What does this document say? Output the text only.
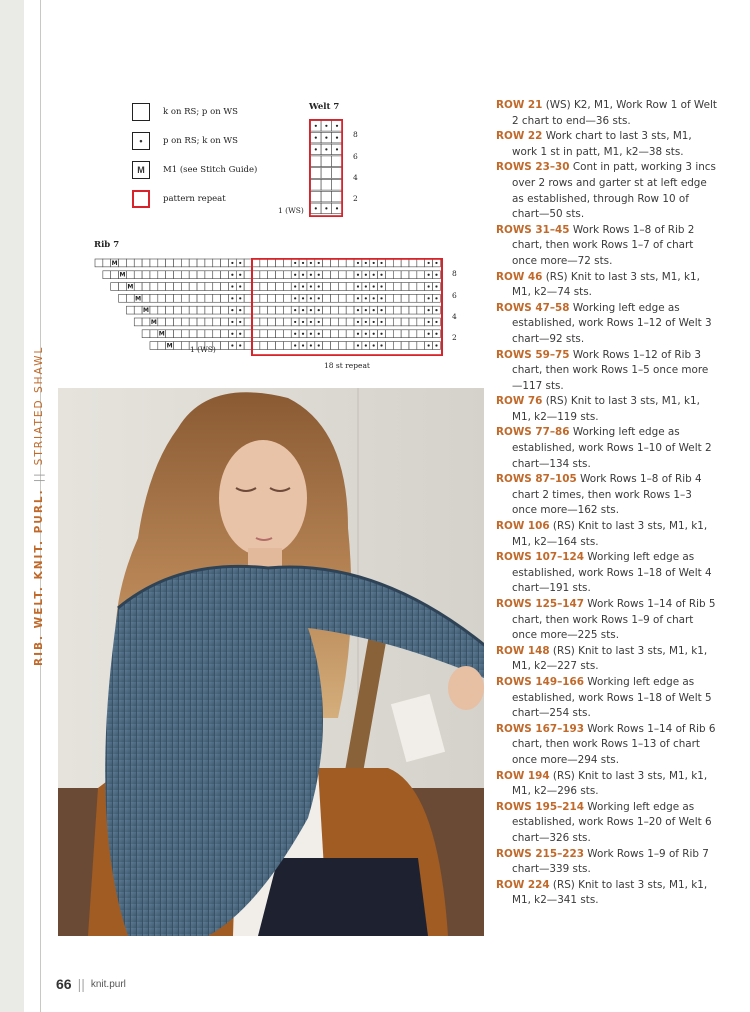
RIB. WELT. KNIT. PURL.||STRIATED SHAWL
k on RS; p on WS
•	p on RS; k on WS
M	M1 (see Stitch Guide)
pattern repeat
Welt 7
8
6
4
2
1 (WS)
Rib 7
M
M
M
M
M
M
M
M
8
6
4
2
1 (WS)
18 st repeat

ROW 21 (WS) K2, M1, Work Row 1 of Welt 2 chart to end—36 sts.

ROW 22 Work chart to last 3 sts, M1, work 1 st in patt, M1, k2—38 sts.

ROWS 23–30 Cont in patt, working 3 incs over 2 rows and garter st at left edge as established, through Row 10 of chart—50 sts.

ROWS 31–45 Work Rows 1–8 of Rib 2 chart, then work Rows 1–7 of chart once more—72 sts.

ROW 46 (RS) Knit to last 3 sts, M1, k1, M1, k2—74 sts.

ROWS 47–58 Working left edge as established, work Rows 1–12 of Welt 3 chart—92 sts.

ROWS 59–75 Work Rows 1–12 of Rib 3 chart, then work Rows 1–5 once more—117 sts.

ROW 76 (RS) Knit to last 3 sts, M1, k1, M1, k2—119 sts.

ROWS 77–86 Working left edge as established, work Rows 1–10 of Welt 2 chart—134 sts.

ROWS 87–105 Work Rows 1–8 of Rib 4 chart 2 times, then work Rows 1–3 once more—162 sts.

ROW 106 (RS) Knit to last 3 sts, M1, k1, M1, k2—164 sts.

ROWS 107–124 Working left edge as established, work Rows 1–18 of Welt 4 chart—191 sts.

ROWS 125–147 Work Rows 1–14 of Rib 5 chart, then work Rows 1–9 of chart once more—225 sts.

ROW 148 (RS) Knit to last 3 sts, M1, k1, M1, k2—227 sts.

ROWS 149–166 Working left edge as established, work Rows 1–18 of Welt 5 chart—254 sts.

ROWS 167–193 Work Rows 1–14 of Rib 6 chart, then work Rows 1–13 of chart once more—294 sts.

ROW 194 (RS) Knit to last 3 sts, M1, k1, M1, k2—296 sts.

ROWS 195–214 Working left edge as established, work Rows 1–20 of Welt 6 chart—326 sts.

ROWS 215–223 Work Rows 1–9 of Rib 7 chart—339 sts.

ROW 224 (RS) Knit to last 3 sts, M1, k1, M1, k2—341 sts.

66 || knit.purl
